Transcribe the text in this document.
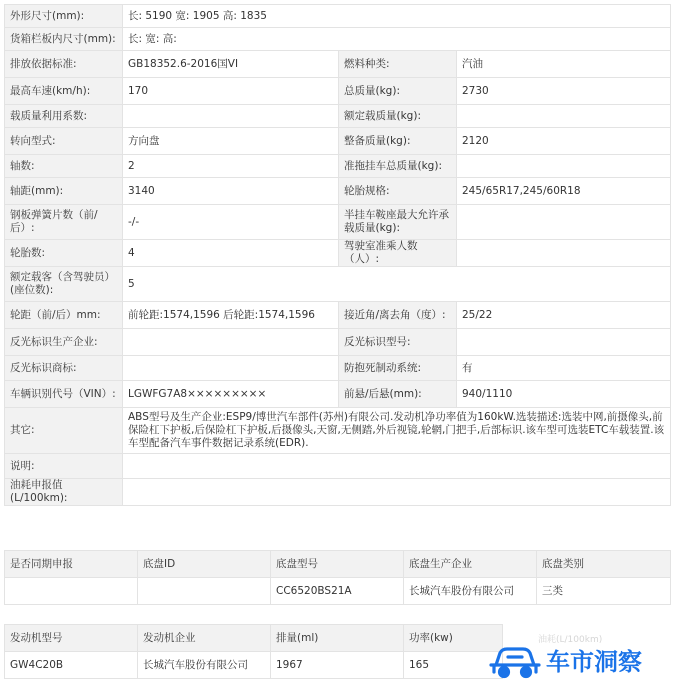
外形尺寸(mm):	长: 5190 宽: 1905 高: 1835		
货箱栏板内尺寸(mm):	长: 宽: 高:		
排放依据标准:	GB18352.6-2016国VI	燃料种类:	汽油
最高车速(km/h):	170	总质量(kg):	2730
载质量利用系数:		额定载质量(kg):	
转向型式:	方向盘	整备质量(kg):	2120
轴数:	2	准拖挂车总质量(kg):	
轴距(mm):	3140	轮胎规格:	245/65R17,245/60R18
钢板弹簧片数（前/后）:	-/-	半挂车鞍座最大允许承载质量(kg):	
轮胎数:	4	驾驶室准乘人数（人）:	
额定载客（含驾驶员）(座位数):	5		
轮距（前/后）mm:	前轮距:1574,1596 后轮距:1574,1596	接近角/离去角（度）:	25/22
反光标识生产企业:		反光标识型号:	
反光标识商标:		防抱死制动系统:	有
车辆识别代号（VIN）:	LGWFG7A8×××××××××	前悬/后悬(mm):	940/1110
其它:	ABS型号及生产企业:ESP9/博世汽车部件(苏州)有限公司.发动机净功率值为160kW.选装描述:选装中网,前摄像头,前保险杠下护板,后保险杠下护板,后摄像头,天窗,无侧踏,外后视镜,轮辋,门把手,后部标识.该车型可选装ETC车载装置.该车型配备汽车事件数据记录系统(EDR).		
说明:			
油耗申报值(L/100km):			
是否同期申报	底盘ID	底盘型号	底盘生产企业	底盘类别
		CC6520BS21A	长城汽车股份有限公司	三类
发动机型号	发动机企业	排量(ml)	功率(kw)
GW4C20B	长城汽车股份有限公司	1967	165
油耗(L/100km)
车市洞察
